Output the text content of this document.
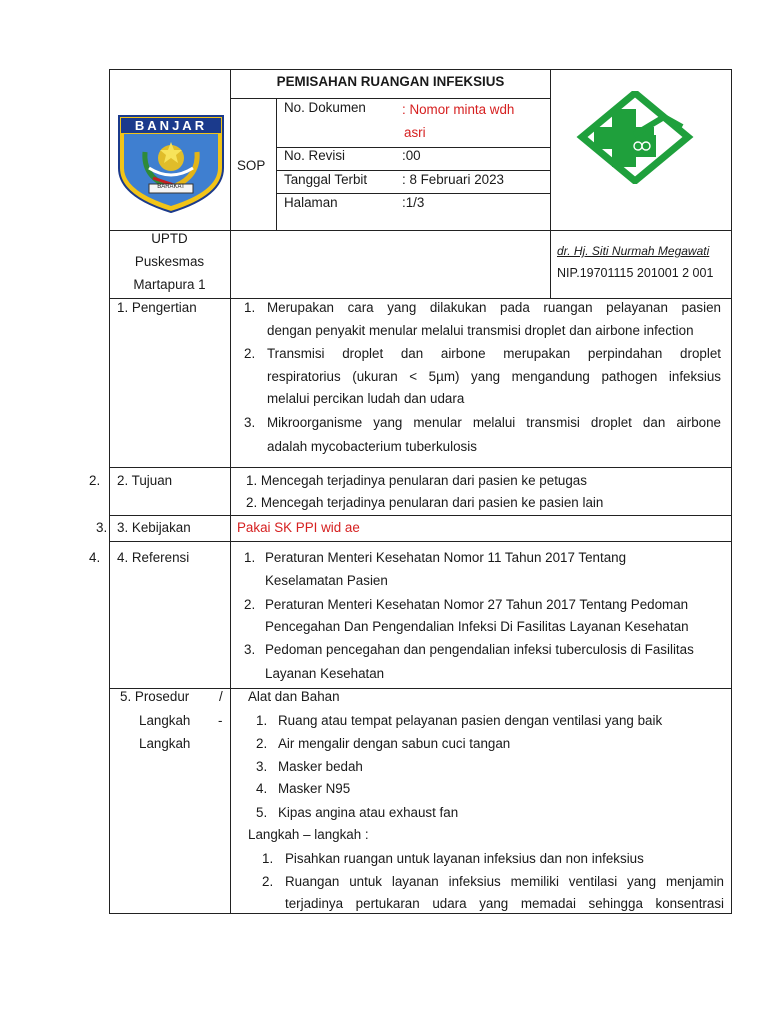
BANJAR
BARAKAT
PEMISAHAN RUANGAN INFEKSIUS
SOP
No. Dokumen	: Nomor minta wdh
asri
No. Revisi	:00
Tanggal Terbit	: 8 Februari 2023
Halaman	:1/3
UPTD
Puskesmas
Martapura 1
dr. Hj. Siti Nurmah Megawati
NIP.19701115 201001 2 001
1. Pengertian	1. Merupakan cara yang dilakukan pada ruangan pelayanan pasien
dengan penyakit menular melalui transmisi droplet dan airbone infection
2. Transmisi droplet dan airbone merupakan perpindahan droplet
respiratorius (ukuran < 5µm) yang mengandung pathogen infeksius
melalui percikan ludah dan udara
3. Mikroorganisme yang menular melalui transmisi droplet dan airbone
adalah mycobacterium tuberkulosis
2. 2. Tujuan	1. Mencegah terjadinya penularan dari pasien ke petugas
2. Mencegah terjadinya penularan dari pasien ke pasien lain
3. 3. Kebijakan	Pakai SK PPI wid ae
4. 4. Referensi	1. Peraturan Menteri Kesehatan Nomor 11 Tahun 2017 Tentang
Keselamatan Pasien
2. Peraturan Menteri Kesehatan Nomor 27 Tahun 2017 Tentang Pedoman
Pencegahan Dan Pengendalian Infeksi Di Fasilitas Layanan Kesehatan
3. Pedoman pencegahan dan pengendalian infeksi tuberculosis di Fasilitas
Layanan Kesehatan
5. Prosedur /
Langkah -
Langkah
Alat dan Bahan
1. Ruang atau tempat pelayanan pasien dengan ventilasi yang baik
2. Air mengalir dengan sabun cuci tangan
3. Masker bedah
4. Masker N95
5. Kipas angina atau exhaust fan
Langkah – langkah :
1. Pisahkan ruangan untuk layanan infeksius dan non infeksius
2. Ruangan untuk layanan infeksius memiliki ventilasi yang menjamin
terjadinya pertukaran udara yang memadai sehingga konsentrasi
